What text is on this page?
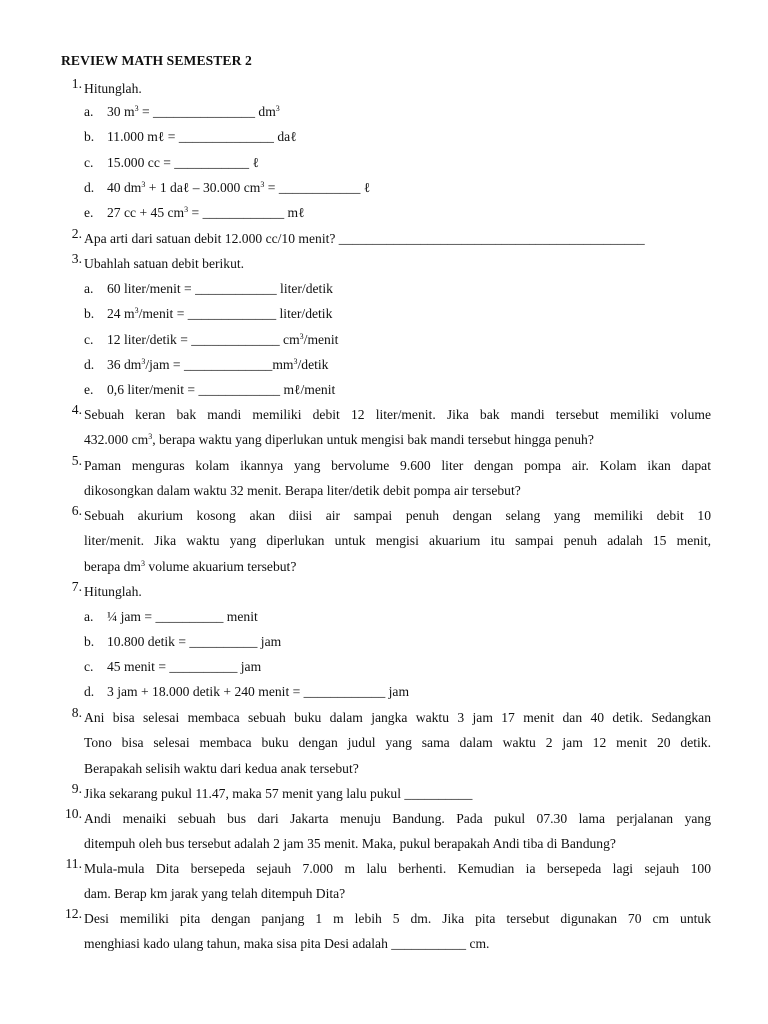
REVIEW MATH SEMESTER 2
1. Hitunglah.
a. 30 $m^3$ = _______________ $dm^3$
b. 11.000 mℓ = ______________ daℓ
c. 15.000 cc = ___________ ℓ
d. 40 $dm^3 + 1$ daℓ – 30.000 $cm^3$ = ____________ ℓ
e. 27 cc + 45 $cm^3$ = ____________ mℓ
2. Apa arti dari satuan debit 12.000 cc/10 menit? _____________________________________________
3. Ubahlah satuan debit berikut.
a. 60 liter/menit = ____________ liter/detik
b. 24 $m^3$/menit = _____________ liter/detik
c. 12 liter/detik = _____________ $cm^3$/menit
d. 36 $dm^3$/jam = $\_\_\_\_\_\_\_\_\_\_\_\_\_mm^3$/detik
e. 0,6 liter/menit = ____________ mℓ/menit
4. Sebuah keran bak mandi memiliki debit 12 liter/menit. Jika bak mandi tersebut memiliki volume
432.000 $cm^3$, berapa waktu yang diperlukan untuk mengisi bak mandi tersebut hingga penuh?
5. Paman menguras kolam ikannya yang bervolume 9.600 liter dengan pompa air. Kolam ikan dapat
dikosongkan dalam waktu 32 menit. Berapa liter/detik debit pompa air tersebut?
6. Sebuah akurium kosong akan diisi air sampai penuh dengan selang yang memiliki debit 10
liter/menit. Jika waktu yang diperlukan untuk mengisi akuarium itu sampai penuh adalah 15 menit,
berapa $dm^3$ volume akuarium tersebut?
7. Hitunglah.
a. ¼ jam = __________ menit
b. 10.800 detik = __________ jam
c. 45 menit = __________ jam
d. 3 jam + 18.000 detik + 240 menit = ____________ jam
8. Ani bisa selesai membaca sebuah buku dalam jangka waktu 3 jam 17 menit dan 40 detik. Sedangkan
Tono bisa selesai membaca buku dengan judul yang sama dalam waktu 2 jam 12 menit 20 detik.
Berapakah selisih waktu dari kedua anak tersebut?
9. Jika sekarang pukul 11.47, maka 57 menit yang lalu pukul __________
10. Andi menaiki sebuah bus dari Jakarta menuju Bandung. Pada pukul 07.30 lama perjalanan yang
ditempuh oleh bus tersebut adalah 2 jam 35 menit. Maka, pukul berapakah Andi tiba di Bandung?
11. Mula-mula Dita bersepeda sejauh 7.000 m lalu berhenti. Kemudian ia bersepeda lagi sejauh 100
dam. Berap km jarak yang telah ditempuh Dita?
12. Desi memiliki pita dengan panjang 1 m lebih 5 dm. Jika pita tersebut digunakan 70 cm untuk
menghiasi kado ulang tahun, maka sisa pita Desi adalah ___________ cm.
